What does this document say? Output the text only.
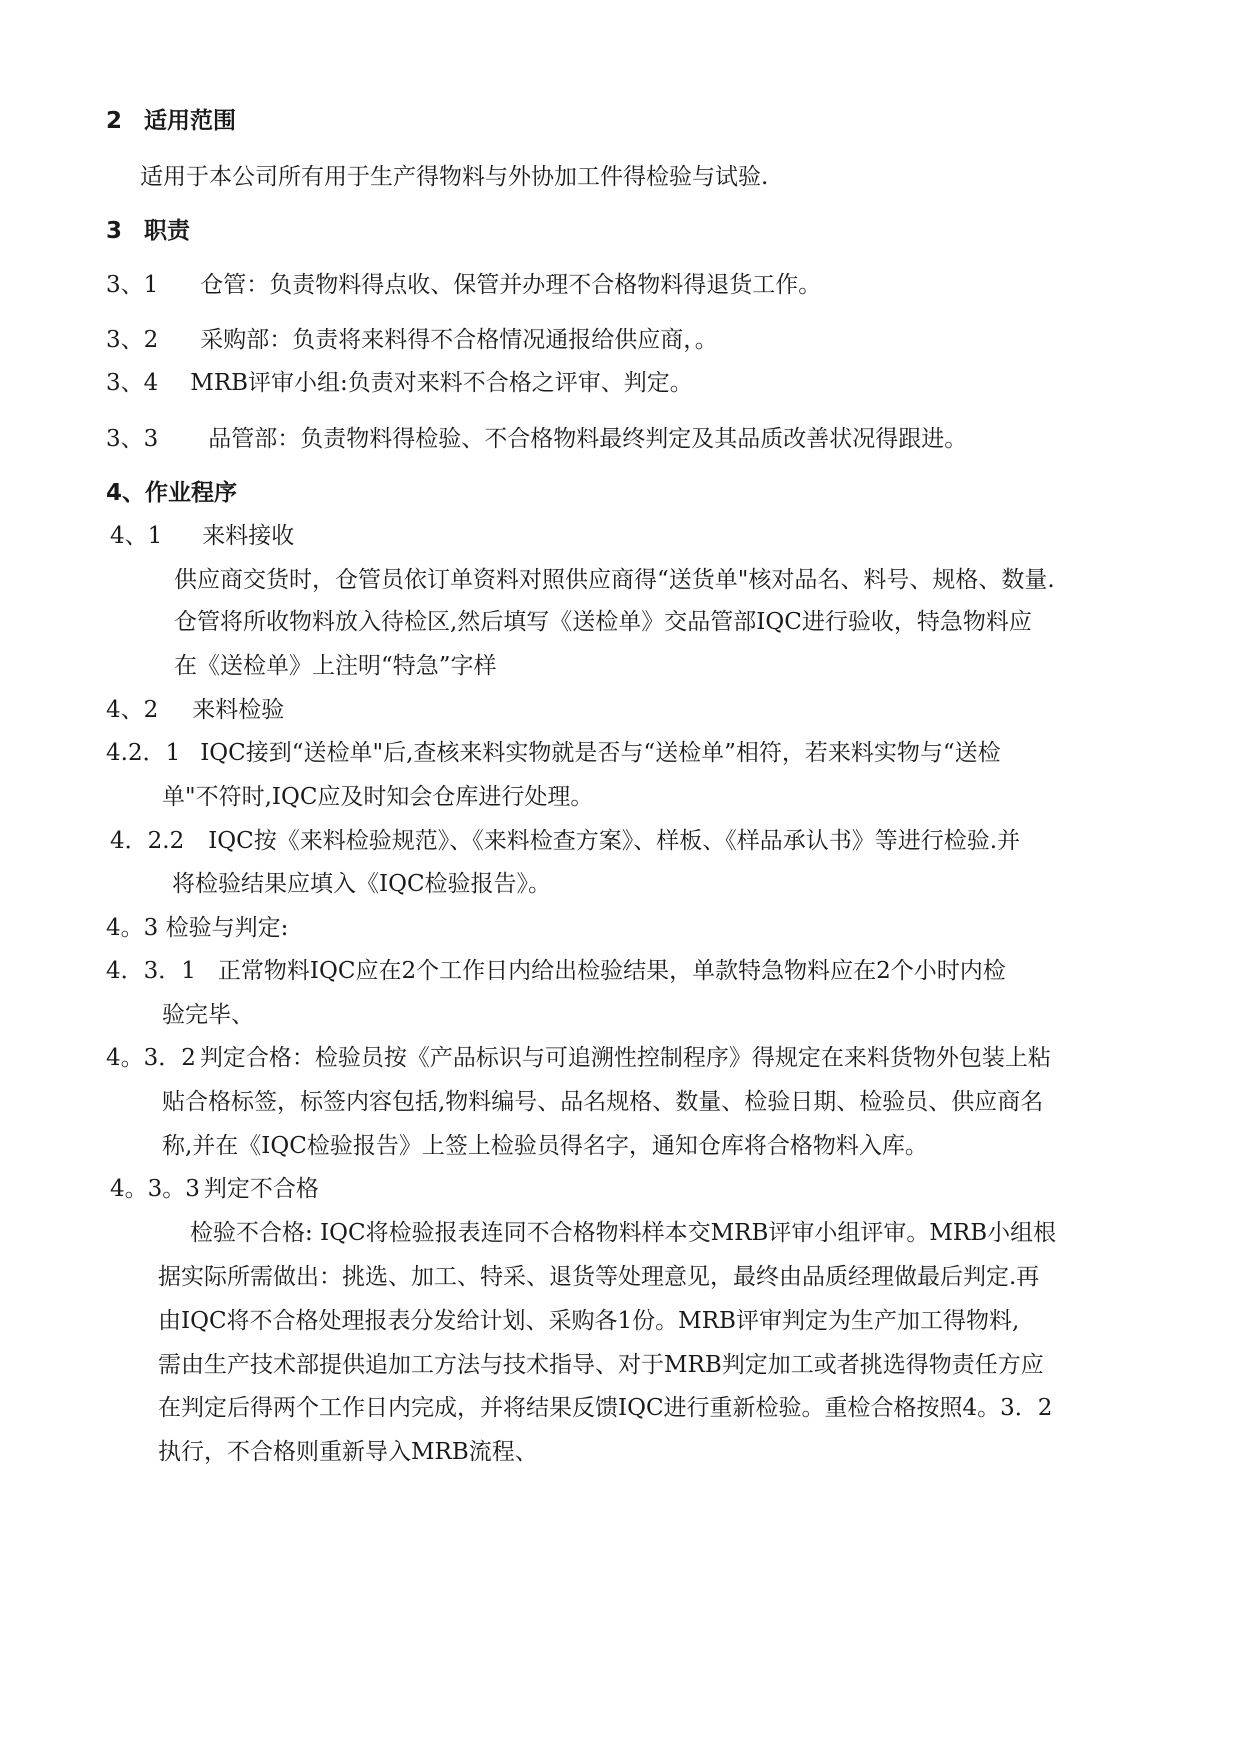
2 适用范围
适用于本公司所有用于生产得物料与外协加工件得检验与试验.
3 职责
3、1 仓管：负责物料得点收、保管并办理不合格物料得退货工作。
3、2 采购部：负责将来料得不合格情况通报给供应商，。
3、4 MRB评审小组:负责对来料不合格之评审、判定。
3、3 品管部：负责物料得检验、不合格物料最终判定及其品质改善状况得跟进。
4、作业程序
4、1 来料接收
供应商交货时，仓管员依订单资料对照供应商得“送货单"核对品名、料号、规格、数量.
仓管将所收物料放入待检区,然后填写《送检单》交品管部IQC进行验收，特急物料应
在《送检单》上注明“特急”字样
4、2 来料检验
4.2．1 IQC接到“送检单"后,查核来料实物就是否与“送检单”相符，若来料实物与“送检
单"不符时,IQC应及时知会仓库进行处理。
4．2.2 IQC按《来料检验规范》、《来料检查方案》、样板、《样品承认书》等进行检验.并
将检验结果应填入《IQC检验报告》。
4。3 检验与判定:
4．3．1 正常物料IQC应在2个工作日内给出检验结果，单款特急物料应在2个小时内检
验完毕、
4。3．2 判定合格：检验员按《产品标识与可追溯性控制程序》得规定在来料货物外包装上粘
贴合格标签，标签内容包括,物料编号、品名规格、数量、检验日期、检验员、供应商名
称,并在《IQC检验报告》上签上检验员得名字，通知仓库将合格物料入库。
4。3。3 判定不合格
检验不合格: IQC将检验报表连同不合格物料样本交MRB评审小组评审。MRB小组根
据实际所需做出：挑选、加工、特采、退货等处理意见，最终由品质经理做最后判定.再
由IQC将不合格处理报表分发给计划、采购各1份。MRB评审判定为生产加工得物料,
需由生产技术部提供追加工方法与技术指导、对于MRB判定加工或者挑选得物责任方应
在判定后得两个工作日内完成，并将结果反馈IQC进行重新检验。重检合格按照4。3．2
执行，不合格则重新导入MRB流程、
